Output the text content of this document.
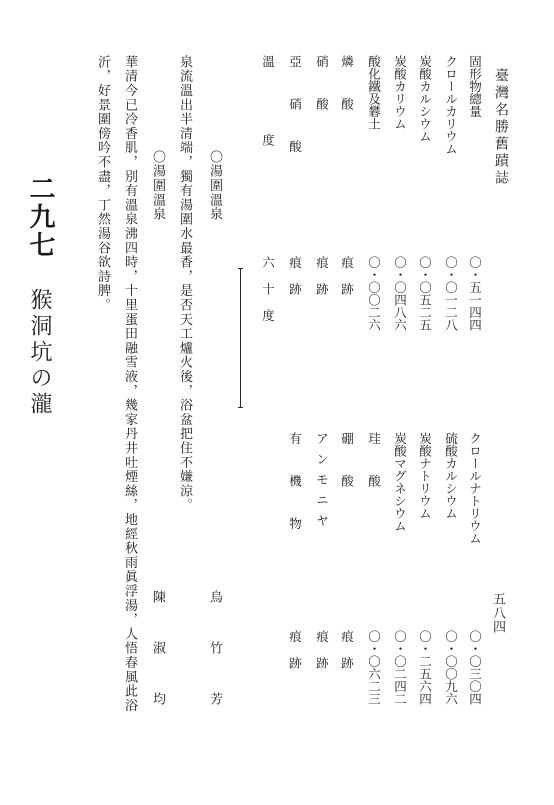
臺灣名勝舊蹟誌
五八四
固形物總量
クロールカリウム
炭酸カルシウム
炭酸カリウム
酸化鐵及礬土
燐酸
硝酸
亞硝酸
溫度
〇・五一四四
〇・〇一二八
〇・〇五二五
〇・〇四八六
〇・〇〇二六
痕跡
痕跡
痕跡
六十度
クロールナトリウム
硫酸カルシウム
炭酸ナトリウム
炭酸マグネシウム
珪酸
硼酸
アンモニヤ
有機物
〇・〇三〇四
〇・〇〇九六
〇・二五六四
〇・〇二四二
〇・〇六二三
痕跡
痕跡
痕跡
〇湯圍溫泉
烏竹芳
泉流溫出半清端，獨有湯圍水最香，是否天工爐火後，浴盆把住不嫌涼。
〇湯圍溫泉
陳淑均
華清今已冷香肌，別有溫泉沸四時，十里蛋田融雪液，幾家丹井吐煙絲，地經秋雨眞浮湯，人悟春風此浴
沂，好景圍傍吟不盡，丁然湯谷欲詩脾。
二九七
猴洞坑の瀧
